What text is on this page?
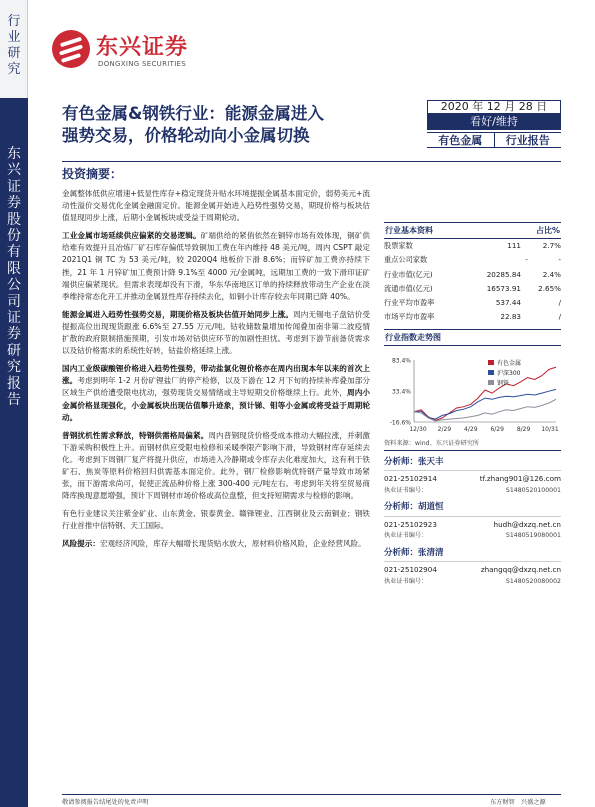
行业研究
东兴证券股份有限公司证券研究报告
东兴证券
DONGXING SECURITIES
有色金属&钢铁行业：能源金属进入
强势交易，价格轮动向小金属切换
2020 年 12 月 28 日
看好/维持
有色金属	行业报告
投资摘要：

金属整体低供应增速+低显性库存+稳定现货升贴水环境提振金属基本面定价，弱势美元+流动性溢价交易优化金属金融面定价。能源金属开始进入趋势性强势交易，期现价格与板块估值显现同步上涨，后期小金属板块或受益于周期轮动。

工业金属市场延续供应偏紧的交易逻辑。矿端供给的紧俏依然在铜锌市场有效体现，铜矿供给难有效提升且冶炼厂矿石库存偏低导致铜加工费在年内维持 48 美元/吨，周内 CSPT 敲定 2021Q1 铜 TC 为 53 美元/吨，较 2020Q4 地板价下滑 8.6%；而锌矿加工费亦持续下挫，21 年 1 月锌矿加工费预计降 9.1%至 4000 元/金属吨，远期加工费的一致下滑印证矿端供应偏紧现状。但需求表现却没有下滑，华东华南地区订单的持续释放带动生产企业在淡季维持常态化开工并推动金属显性库存持续去化，如铜小计库存较去年同期已降 40%。

能源金属进入趋势性强势交易，期现价格及板块估值开始同步上涨。周内无锡电子盘钴价受提振高位出现现货跟涨 6.6%至 27.55 万元/吨。钴收储数量增加传闻叠加南非第二波疫情扩散的政府限制措施预期，引发市场对钴供应环节的加剧性担忧。考虑到下游节前备货需求以及钴价格需求的系统性好转，钴盐价格延续上涨。

国内工业级碳酸锂价格进入趋势性强势，带动盐氯化锂价格亦在周内出现本年以来的首次上涨。考虑到明年 1-2 月份矿锂盐厂的停产检修，以及下游在 12 月下旬的持续补库叠加部分区域生产供给遭受限电扰动，强势现货交易情绪或主导短期交价格继续上行。此外，周内小金属价格显现强化，小金属板块出现估值攀升迹象，预计锑、钼等小金属或将受益于周期轮动。

普钢扰机性需求释放，特钢供需格局偏紧。周内普钢现货价格受成本推动大幅拉涨，并刺激下游采购积极性上升。而钢材供应受限电检修和采暖季限产影响下滑，导致钢材库存延续去化。考虑到下周钢厂复产将提升供应，市场进入冷静期或令库存去化难度加大，这有利于铁矿石、焦炭等原料价格回归供需基本面定价。此外，钢厂检修影响优特钢产量导致市场紧张，而下游需求尚可，促使正流品种价格上涨 300-400 元/吨左右。考虑到年关将至贸易商降库换现意愿增强，预计下周钢材市场价格或高位盘整，但支持短期需求与检修的影响。

有色行业建议关注紫金矿业、山东黄金、银泰黄金、赣锋锂业、江西铜业及云南铜业；钢铁行业首推中信特钢、天工国际。

风险提示：宏观经济风险，库存大幅增长现货贴水放大，原材料价格风险，企业经营风险。

行业基本资料	占比%
股票家数	111	2.7%
重点公司家数	-	-
行业市值(亿元)	20285.84	2.4%
流通市值(亿元)	16573.91	2.65%
行业平均市盈率	537.44	/
市场平均市盈率	22.83	/
行业指数走势图
83.4%
33.4%
-16.6%
12/30 2/29 4/29 6/29 8/29 10/31
有色金属
沪深300
钢铁
资料来源：wind、东兴证券研究所
分析师：张天丰
021-25102914	tf.zhang901@126.com
执业证书编号：	S1480520100001
分析师：胡道恒
021-25102923	hudh@dxzq.net.cn
执业证书编号：	S1480519080001
分析师：张清清
021-25102904	zhangqq@dxzq.net.cn
执业证书编号：	S1480520080002
敬请参阅报告结尾处的免责声明	东方财智　兴盛之源
